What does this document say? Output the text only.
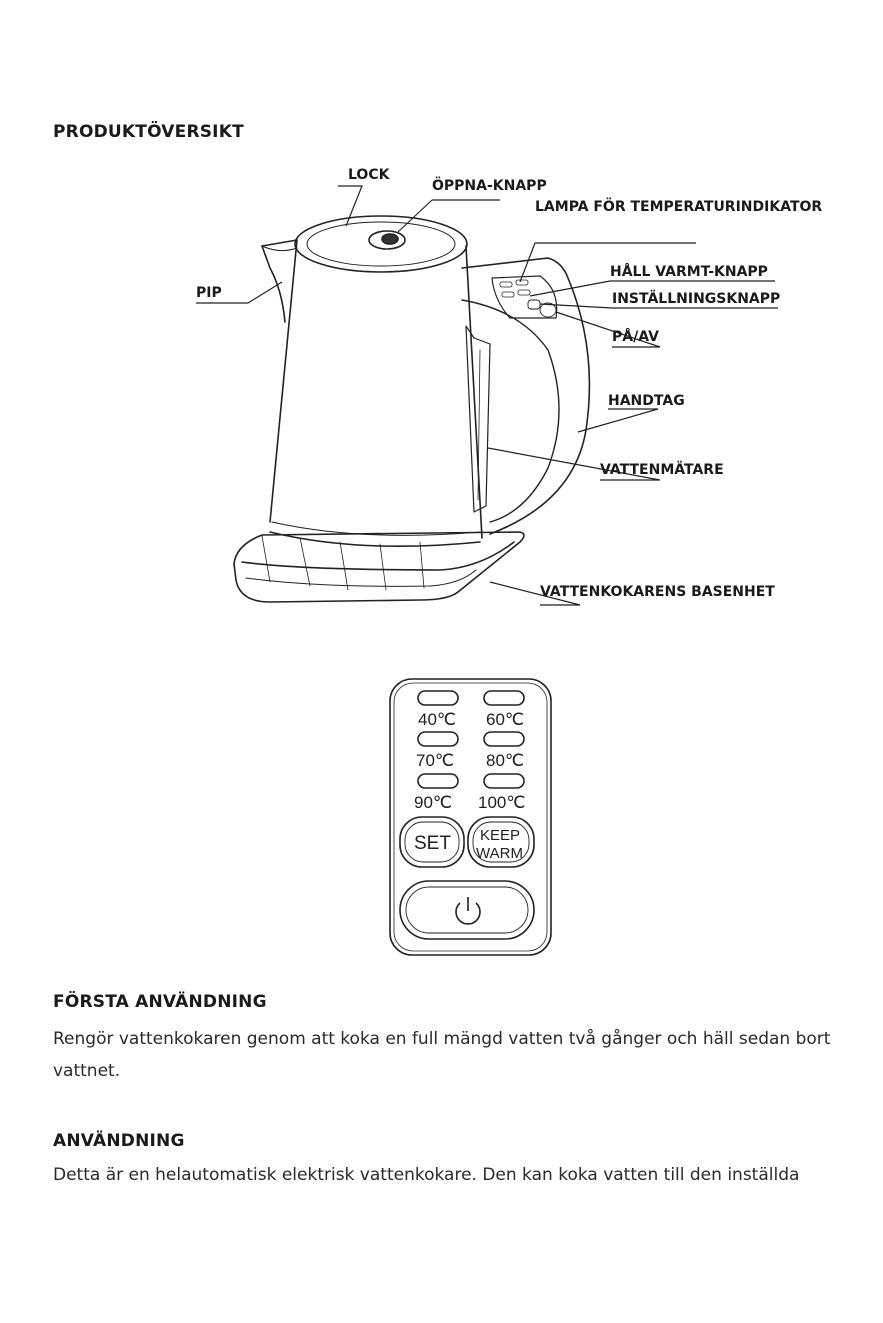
PRODUKTÖVERSIKT
LOCK
ÖPPNA-KNAPP
LAMPA FÖR TEMPERATURINDIKATOR
PIP
HÅLL VARMT-KNAPP
INSTÄLLNINGSKNAPP
PÅ/AV
HANDTAG
VATTENMÄTARE
VATTENKOKARENS BASENHET
40℃ 60℃
70℃ 80℃
90℃ 100℃
SET KEEP
WARM
FÖRSTA ANVÄNDNING
Rengör vattenkokaren genom att koka en full mängd vatten två gånger och häll sedan bort vattnet.
ANVÄNDNING
Detta är en helautomatisk elektrisk vattenkokare. Den kan koka vatten till den inställda
